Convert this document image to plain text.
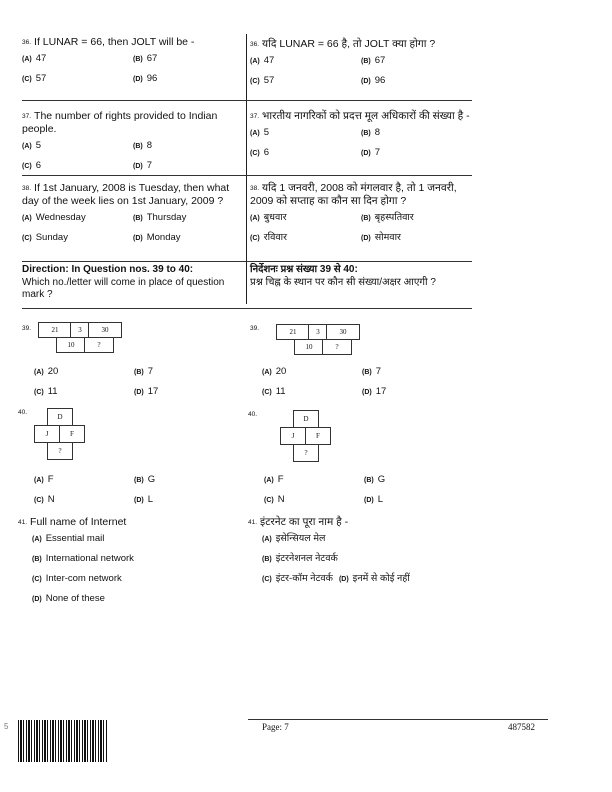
$^{36.}$ If LUNAR = 66, then JOLT will be -
(A) 47	(B) 67
(C) 57	(D) 96
$^{36.}$ यदि LUNAR = 66 है, तो JOLT क्या होगा ?
(A) 47	(B) 67
(C) 57	(D) 96
$^{37.}$ The number of rights provided to Indian people.
(A) 5	(B) 8
(C) 6	(D) 7
$^{37.}$ भारतीय नागरिकों को प्रदत्त मूल अधिकारों की संख्या है -
(A) 5	(B) 8
(C) 6	(D) 7
$^{38.}$ If 1st January, 2008 is Tuesday, then what day of the week lies on 1st January, 2009 ?
(A) Wednesday	(B) Thursday
(C) Sunday	(D) Monday
$^{38.}$ यदि 1 जनवरी, 2008 को मंगलवार है, तो 1 जनवरी, 2009 को सप्ताह का कौन सा दिन होगा ?
(A) बुधवार	(B) बृहस्पतिवार
(C) रविवार	(D) सोमवार
Direction: In Question nos. 39 to 40:
Which no./letter will come in place of question mark ?
निर्देशनः प्रश्न संख्या 39 से 40:
प्रश्न चिह्न के स्थान पर कौन सी संख्या/अक्षर आएगी ?
$^{39.}$	21	3	30
10	?
(A) 20	(B) 7
(C) 11	(D) 17
$^{39.}$	21	3	30
10	?
(A) 20	(B) 7
(C) 11	(D) 17
$^{40.}$	D
J	F
?
(A) F	(B) G
(C) N	(D) L
$^{40.}$	D
J	F
?
(A) F	(B) G
(C) N	(D) L
$^{41.}$ Full name of Internet
(A) Essential mail
(B) International network
(C) Inter-com network
(D) None of these
$^{41.}$ इंटरनेट का पूरा नाम है -
(A) इसेन्सियल मेल
(B) इंटरनेशनल नेटवर्क
(C) इंटर-कॉम नेटवर्क (D) इनमें से कोई नहीं
5	Page: 7	487582
